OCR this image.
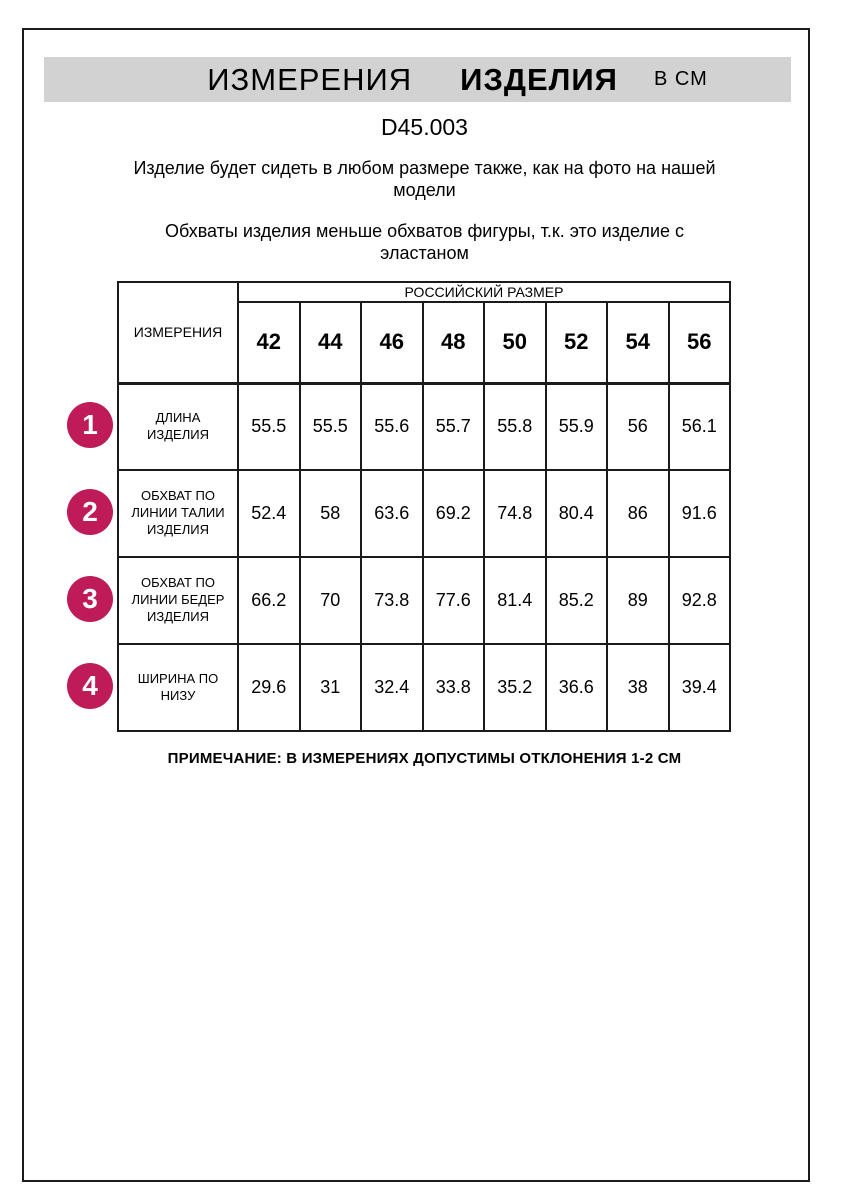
ИЗМЕРЕНИЯ ИЗДЕЛИЯ В СМ
D45.003
Изделие будет сидеть в любом размере также, как на фото на нашей модели
Обхваты изделия меньше обхватов фигуры, т.к. это изделие с эластаном
ИЗМЕРЕНИЯ	РОССИЙСКИЙ РАЗМЕР							
	42	44	46	48	50	52	54	56
ДЛИНА ИЗДЕЛИЯ	55.5	55.5	55.6	55.7	55.8	55.9	56	56.1
ОБХВАТ ПО ЛИНИИ ТАЛИИ ИЗДЕЛИЯ	52.4	58	63.6	69.2	74.8	80.4	86	91.6
ОБХВАТ ПО ЛИНИИ БЕДЕР ИЗДЕЛИЯ	66.2	70	73.8	77.6	81.4	85.2	89	92.8
ШИРИНА ПО НИЗУ	29.6	31	32.4	33.8	35.2	36.6	38	39.4
1
2
3
4
ПРИМЕЧАНИЕ: В ИЗМЕРЕНИЯХ ДОПУСТИМЫ ОТКЛОНЕНИЯ 1-2 СМ
